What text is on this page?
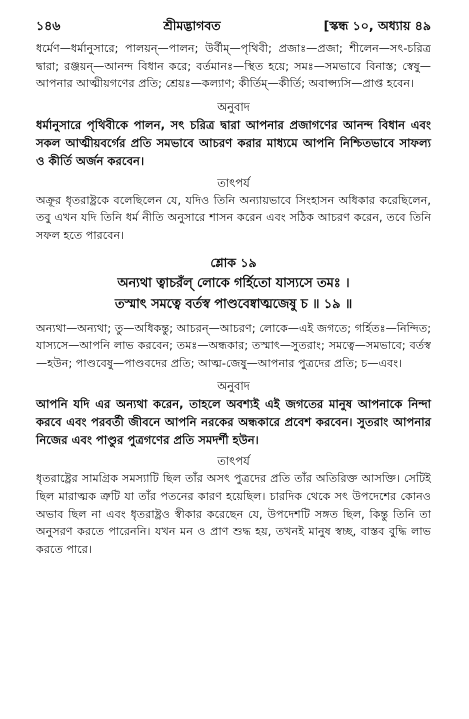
১৪৬	শ্রীমদ্ভাগবত	[স্কন্ধ ১০, অধ্যায় ৪৯

ধর্মেণ—ধর্মানুসারে; পালয়ন্—পালন; উর্বীম্—পৃথিবী; প্রজাঃ—প্রজা; শীলেন—সৎ-চরিত্র দ্বারা; রঞ্জয়ন্—আনন্দ বিধান করে; বর্তমানঃ—স্থিত হয়ে; সমঃ—সমভাবে বিনাস্ত; স্বেষু—আপনার আত্মীয়গণের প্রতি; শ্রেয়ঃ—কল্যাণ; কীর্তিম্—কীর্তি; অবাপ্স্যসি—প্রাপ্ত হবেন।

অনুবাদ

ধর্মানুসারে পৃথিবীকে পালন, সৎ চরিত্র দ্বারা আপনার প্রজাগণের আনন্দ বিধান এবং সকল আত্মীয়বর্গের প্রতি সমভাবে আচরণ করার মাধ্যমে আপনি নিশ্চিতভাবে সাফল্য ও কীর্তি অর্জন করবেন।

তাৎপর্য

অক্রূর ধৃতরাষ্ট্রকে বলেছিলেন যে, যদিও তিনি অন্যায়ভাবে সিংহাসন অধিকার করেছিলেন, তবু এখন যদি তিনি ধর্ম নীতি অনুসারে শাসন করেন এবং সঠিক আচরণ করেন, তবে তিনি সফল হতে পারবেন।

শ্লোক ১৯

অন্যথা ত্বাচরঁল্ লোকে গর্হিতো যাস্যসে তমঃ ।

তস্মাৎ সমত্বে বর্তস্ব পাণ্ডবেষ্বাত্মজেষু চ ॥ ১৯ ॥

অন্যথা—অন্যথা; তু—অধিকন্তু; আচরন্—আচরণ; লোকে—এই জগতে; গর্হিতঃ—নিন্দিত; যাস্যসে—আপনি লাভ করবেন; তমঃ—অন্ধকার; তস্মাৎ—সুতরাং; সমত্বে—সমভাবে; বর্তস্ব—হউন; পাণ্ডবেষু—পাণ্ডবদের প্রতি; আত্ম-জেষু—আপনার পুত্রদের প্রতি; চ—এবং।

অনুবাদ

আপনি যদি এর অন্যথা করেন, তাহলে অবশ্যই এই জগতের মানুষ আপনাকে নিন্দা করবে এবং পরবর্তী জীবনে আপনি নরকের অন্ধকারে প্রবেশ করবেন। সুতরাং আপনার নিজের এবং পাণ্ডুর পুত্রগণের প্রতি সমদর্শী হউন।

তাৎপর্য

ধৃতরাষ্ট্রের সামগ্রিক সমস্যাটি ছিল তাঁর অসৎ পুত্রদের প্রতি তাঁর অতিরিক্ত আসক্তি। সেটিই ছিল মারাত্মক ত্রুটি যা তাঁর পতনের কারণ হয়েছিল। চারদিক থেকে সৎ উপদেশের কোনও অভাব ছিল না এবং ধৃতরাষ্ট্রও স্বীকার করেছেন যে, উপদেশটি সঙ্গত ছিল, কিন্তু তিনি তা অনুসরণ করতে পারেননি। যখন মন ও প্রাণ শুদ্ধ হয়, তখনই মানুষ স্বচ্ছ, বাস্তব বুদ্ধি লাভ করতে পারে।
